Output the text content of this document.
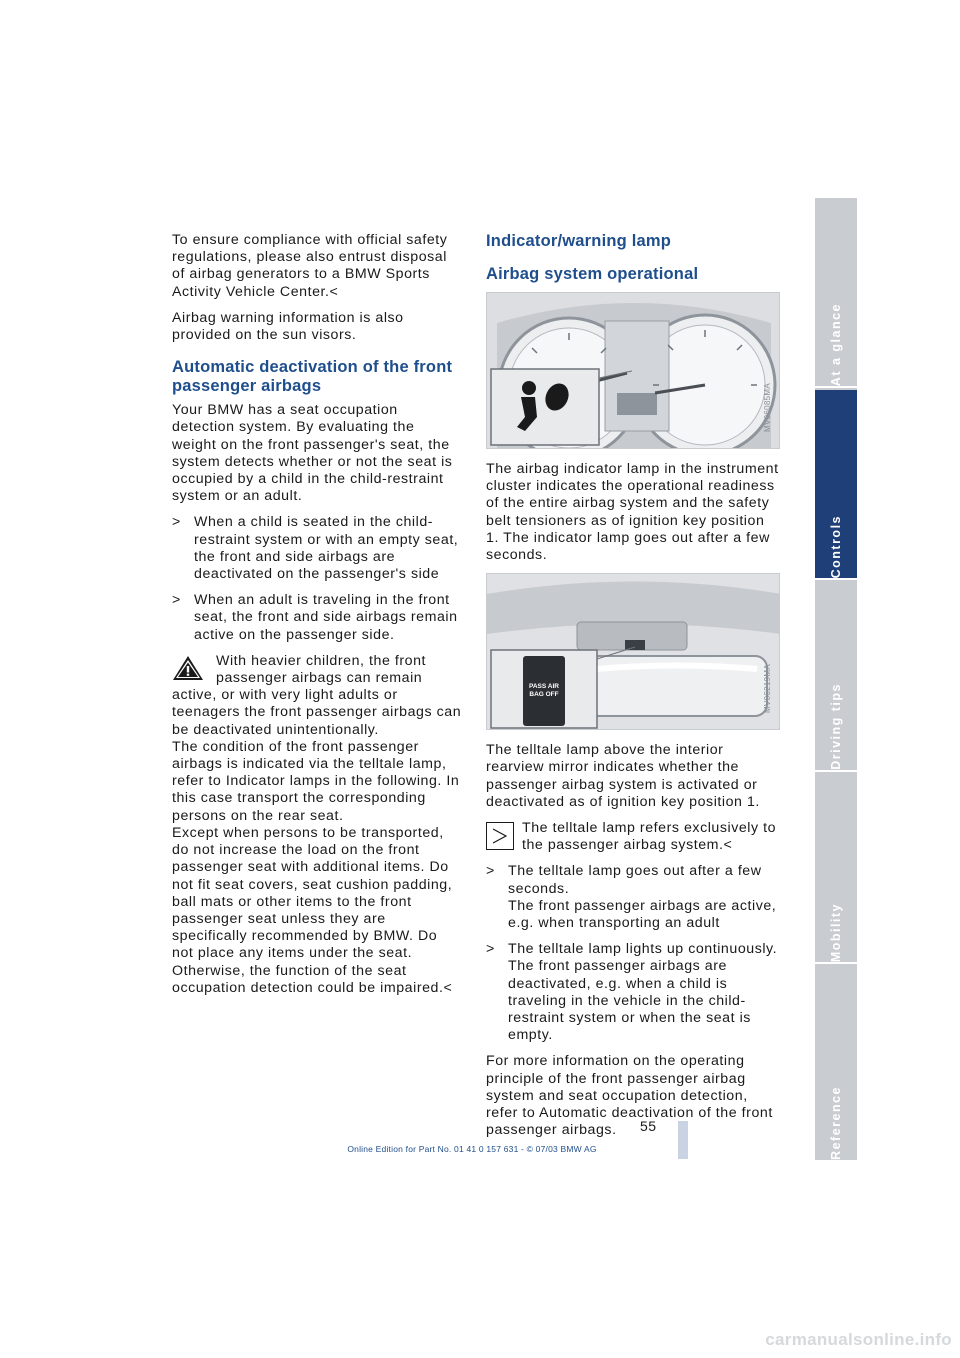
To ensure compliance with official safety regulations, please also entrust disposal of airbag generators to a BMW Sports Activity Vehicle Center.<

Airbag warning information is also provided on the sun visors.

Automatic deactivation of the front passenger airbags

Your BMW has a seat occupation detection system. By evaluating the weight on the front passenger's seat, the system detects whether or not the seat is occupied by a child in the child-restraint system or an adult.

> When a child is seated in the child-restraint system or with an empty seat, the front and side airbags are deactivated on the passenger's side
> When an adult is traveling in the front seat, the front and side airbags remain active on the passenger side.
With heavier children, the front passenger airbags can remain active, or with very light adults or teenagers the front passenger airbags can be deactivated unintentionally.
The condition of the front passenger airbags is indicated via the telltale lamp, refer to Indicator lamps in the following. In this case transport the corresponding persons on the rear seat.
Except when persons to be transported, do not increase the load on the front passenger seat with additional items. Do not fit seat covers, seat cushion padding, ball mats or other items to the front passenger seat unless they are specifically recommended by BMW. Do not place any items under the seat. Otherwise, the function of the seat occupation detection could be impaired.<
Indicator/warning lamp
Airbag system operational
MV06085MA

The airbag indicator lamp in the instrument cluster indicates the operational readiness of the entire airbag system and the safety belt tensioners as of ignition key position 1. The indicator lamp goes out after a few seconds.

PASS AIR BAG OFF	MV06219MA

The telltale lamp above the interior rearview mirror indicates whether the passenger airbag system is activated or deactivated as of ignition key position 1.

The telltale lamp refers exclusively to the passenger airbag system.<
> The telltale lamp goes out after a few seconds.
The front passenger airbags are active, e.g. when transporting an adult
> The telltale lamp lights up continuously.
The front passenger airbags are deactivated, e.g. when a child is traveling in the vehicle in the child-restraint system or when the seat is empty.

For more information on the operating principle of the front passenger airbag system and seat occupation detection, refer to Automatic deactivation of the front passenger airbags.

At a glance
Controls
Driving tips
Mobility
Reference
55
Online Edition for Part No. 01 41 0 157 631 - © 07/03 BMW AG
carmanualsonline.info
